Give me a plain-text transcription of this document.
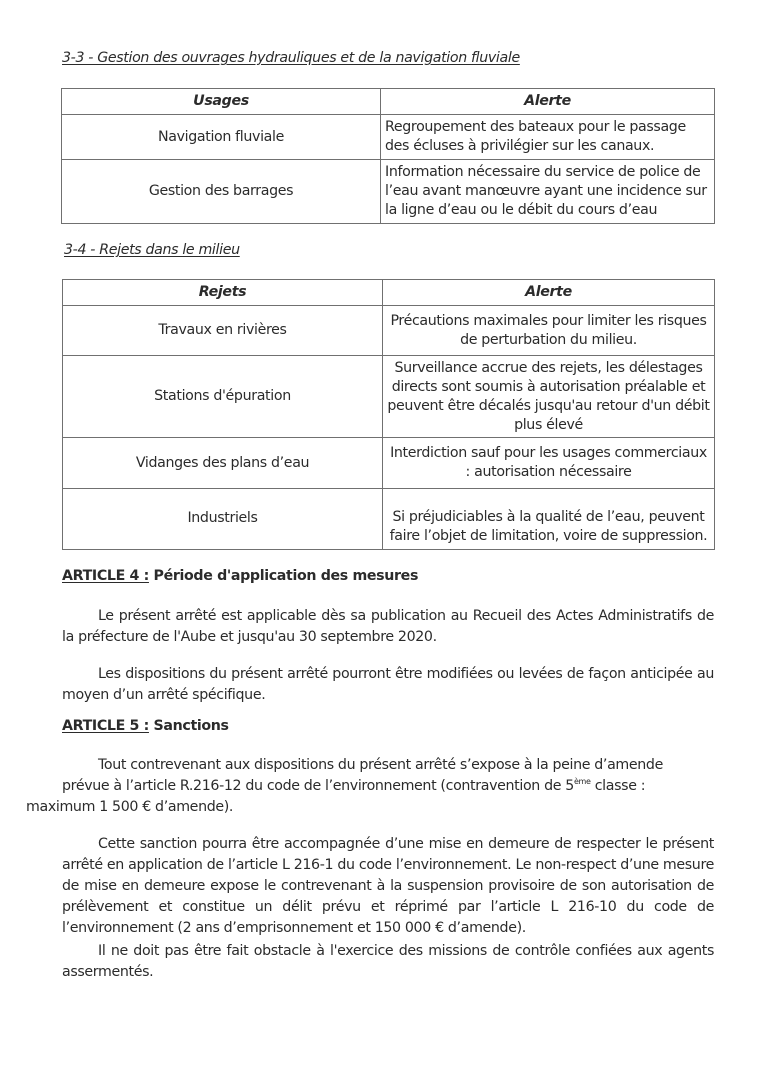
3-3 - Gestion des ouvrages hydrauliques et de la navigation fluviale
Usages	Alerte
Navigation fluviale	Regroupement des bateaux pour le passage des écluses à privilégier sur les canaux.
Gestion des barrages	Information nécessaire du service de police de l’eau avant manœuvre ayant une incidence sur la ligne d’eau ou le débit du cours d’eau
3-4 - Rejets dans le milieu
Rejets	Alerte
Travaux en rivières	Précautions maximales pour limiter les risques de perturbation du milieu.
Stations d'épuration	Surveillance accrue des rejets, les délestages directs sont soumis à autorisation préalable et peuvent être décalés jusqu'au retour d'un débit plus élevé
Vidanges des plans d’eau	Interdiction sauf pour les usages commerciaux : autorisation nécessaire
Industriels	Si préjudiciables à la qualité de l’eau, peuvent faire l’objet de limitation, voire de suppression.
ARTICLE 4 : Période d'application des mesures
Le présent arrêté est applicable dès sa publication au Recueil des Actes Administratifs de la préfecture de l'Aube et jusqu'au 30 septembre 2020.
Les dispositions du présent arrêté pourront être modifiées ou levées de façon anticipée au moyen d’un arrêté spécifique.
ARTICLE 5 : Sanctions
Tout contrevenant aux dispositions du présent arrêté s’expose à la peine d’amende prévue à l’article R.216-12 du code de l’environnement (contravention de 5ème classe :
maximum 1 500 € d’amende).
Cette sanction pourra être accompagnée d’une mise en demeure de respecter le présent arrêté en application de l’article L 216-1 du code l’environnement. Le non-respect d’une mesure de mise en demeure expose le contrevenant à la suspension provisoire de son autorisation de prélèvement et constitue un délit prévu et réprimé par l’article L 216-10 du code de l’environnement (2 ans d’emprisonnement et 150 000 € d’amende).
Il ne doit pas être fait obstacle à l'exercice des missions de contrôle confiées aux agents assermentés.
